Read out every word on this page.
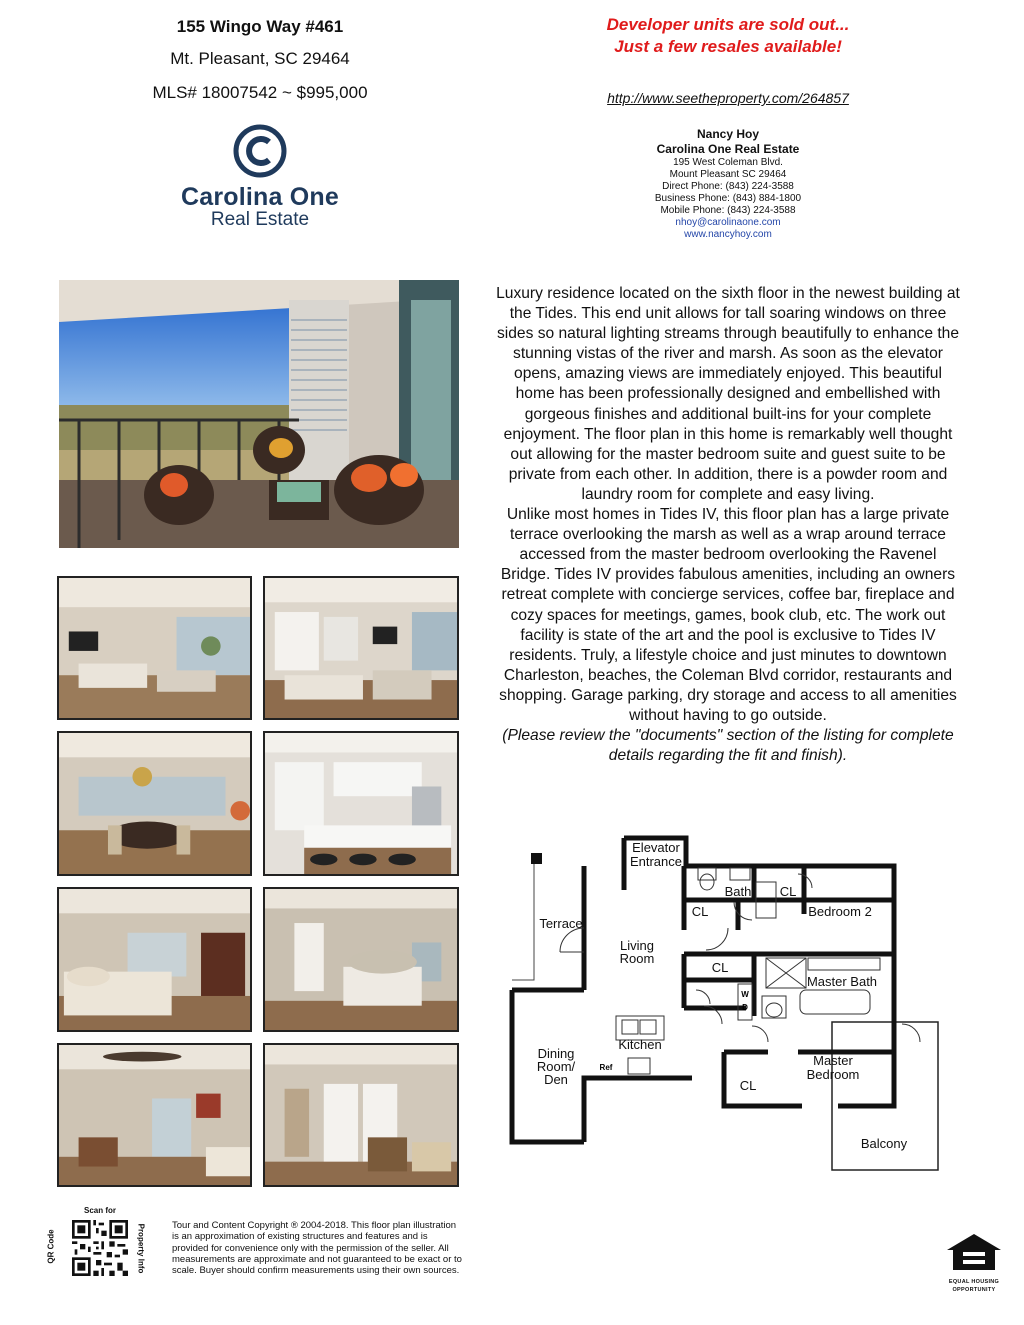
155 Wingo Way #461
Mt. Pleasant, SC 29464
MLS# 18007542 ~ $995,000
Developer units are sold out...
Just a few resales available!
http://www.seetheproperty.com/264857
Carolina One
Real Estate
Nancy Hoy
Carolina One Real Estate
195 West Coleman Blvd.
Mount Pleasant SC 29464
Direct Phone: (843) 224-3588
Business Phone: (843) 884-1800
Mobile Phone: (843) 224-3588
nhoy@carolinaone.com
www.nancyhoy.com
Luxury residence located on the sixth floor in the newest building at the Tides. This end unit allows for tall soaring windows on three sides so natural lighting streams through beautifully to enhance the stunning vistas of the river and marsh. As soon as the elevator opens, amazing views are immediately enjoyed. This beautiful home has been professionally designed and embellished with gorgeous finishes and additional built-ins for your complete enjoyment. The floor plan in this home is remarkably well thought out allowing for the master bedroom suite and guest suite to be private from each other. In addition, there is a powder room and laundry room for complete and easy living.
Unlike most homes in Tides IV, this floor plan has a large private terrace overlooking the marsh as well as a wrap around terrace accessed from the master bedroom overlooking the Ravenel Bridge. Tides IV provides fabulous amenities, including an owners retreat complete with concierge services, coffee bar, fireplace and cozy spaces for meetings, games, book club, etc. The work out facility is state of the art and the pool is exclusive to Tides IV residents. Truly, a lifestyle choice and just minutes to downtown Charleston, beaches, the Coleman Blvd corridor, restaurants and shopping. Garage parking, dry storage and access to all amenities without having to go outside.
(Please review the "documents" section of the listing for complete details regarding the fit and finish).
Elevator
Entrance
Bath CL
CL	Bedroom 2
Terrace
Living
Room
CL
Master Bath
W
D
Kitchen
Dining
Room/
Den
Ref	Master
Bedroom
CL
Balcony
Scan for
QR Code	Property Info	Tour and Content Copyright ® 2004-2018. This floor plan illustration is an approximation of existing structures and features and is provided for convenience only with the permission of the seller. All measurements are approximate and not guaranteed to be exact or to scale. Buyer should confirm measurements using their own sources.
EQUAL HOUSING
OPPORTUNITY
